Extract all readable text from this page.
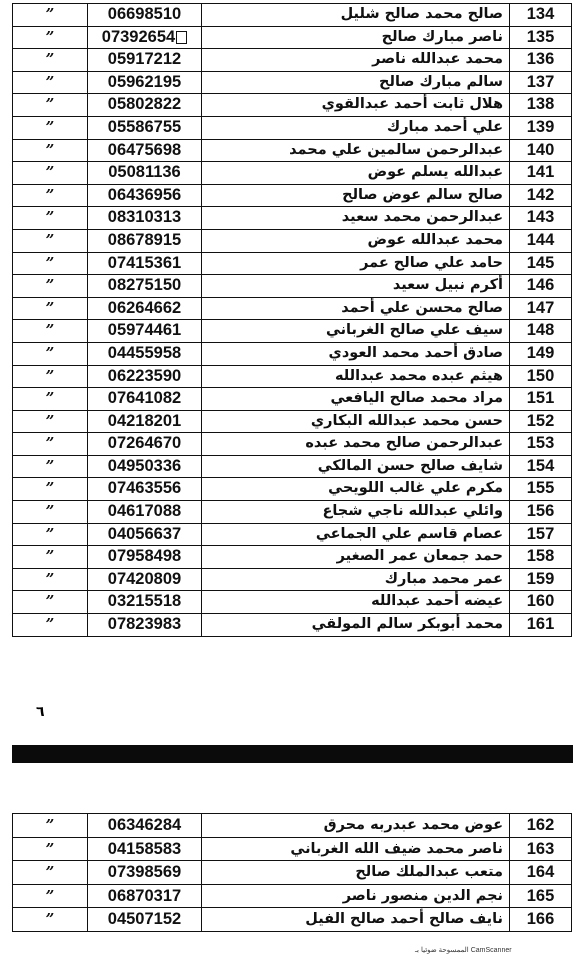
”	06698510	صالح محمد صالح شليل	134
”	07392654	ناصر مبارك صالح	135
”	05917212	محمد عبدالله ناصر	136
”	05962195	سالم مبارك صالح	137
”	05802822	هلال ثابت أحمد عبدالقوي	138
”	05586755	علي أحمد مبارك	139
”	06475698	عبدالرحمن سالمين علي محمد	140
”	05081136	عبدالله يسلم عوض	141
”	06436956	صالح سالم عوض صالح	142
”	08310313	عبدالرحمن محمد سعيد	143
”	08678915	محمد عبدالله عوض	144
”	07415361	حامد علي صالح عمر	145
”	08275150	أكرم نبيل سعيد	146
”	06264662	صالح محسن علي أحمد	147
”	05974461	سيف علي صالح الغرباني	148
”	04455958	صادق أحمد محمد العودي	149
”	06223590	هيثم عبده محمد عبدالله	150
”	07641082	مراد محمد صالح اليافعي	151
”	04218201	حسن محمد عبدالله البكاري	152
”	07264670	عبدالرحمن صالح محمد عبده	153
”	04950336	شايف صالح حسن المالكي	154
”	07463556	مكرم علي غالب اللويحي	155
”	04617088	وائلي عبدالله ناجي شجاع	156
”	04056637	عصام قاسم علي الجماعي	157
”	07958498	حمد جمعان عمر الصغير	158
”	07420809	عمر محمد مبارك	159
”	03215518	عيضه أحمد عبدالله	160
”	07823983	محمد أبوبكر سالم المولقي	161
٦
”	06346284	عوض محمد عبدربه محرق	162
”	04158583	ناصر محمد ضيف الله الغرباني	163
”	07398569	متعب عبدالملك صالح	164
”	06870317	نجم الدين منصور ناصر	165
”	04507152	نايف صالح أحمد صالح الفيل	166
CamScanner الممسوحة ضوئيا بـ
